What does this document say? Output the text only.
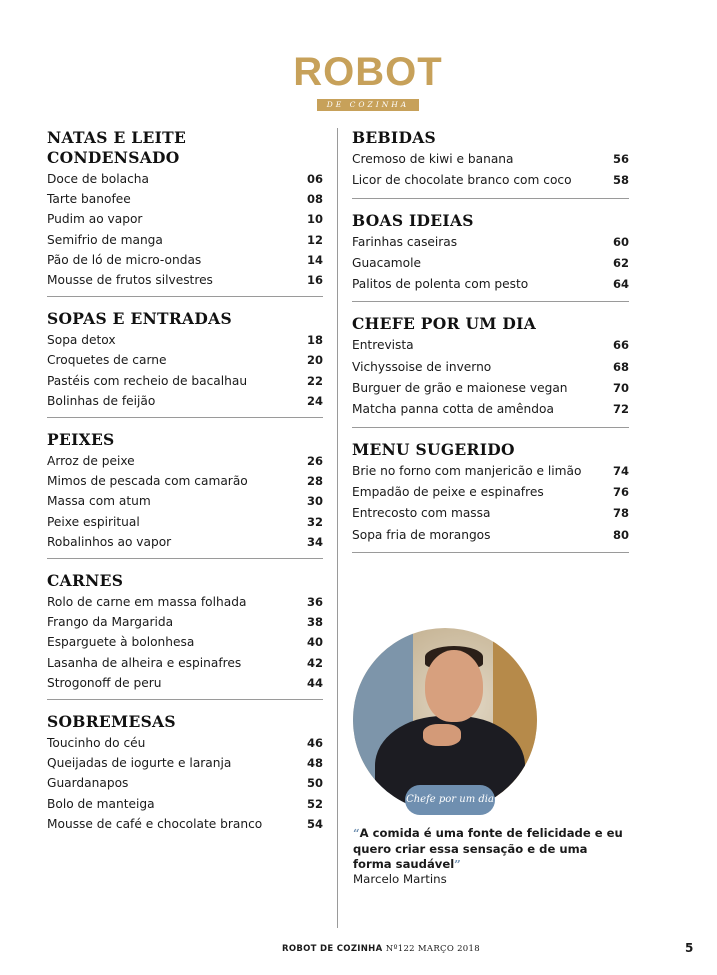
ROBOT
DE COZINHA
NATAS E LEITE CONDENSADO
Doce de bolacha	06
Tarte banofee	08
Pudim ao vapor	10
Semifrio de manga	12
Pão de ló de micro-ondas	14
Mousse de frutos silvestres	16
SOPAS E ENTRADAS
Sopa detox	18
Croquetes de carne	20
Pastéis com recheio de bacalhau	22
Bolinhas de feijão	24
PEIXES
Arroz de peixe	26
Mimos de pescada com camarão	28
Massa com atum	30
Peixe espiritual	32
Robalinhos ao vapor	34
CARNES
Rolo de carne em massa folhada	36
Frango da Margarida	38
Esparguete à bolonhesa	40
Lasanha de alheira e espinafres	42
Strogonoff de peru	44
SOBREMESAS
Toucinho do céu	46
Queijadas de iogurte e laranja	48
Guardanapos	50
Bolo de manteiga	52
Mousse de café e chocolate branco	54
BEBIDAS
Cremoso de kiwi e banana	56
Licor de chocolate branco com coco	58
BOAS IDEIAS
Farinhas caseiras	60
Guacamole	62
Palitos de polenta com pesto	64
CHEFE POR UM DIA
Entrevista	66
Vichyssoise de inverno	68
Burguer de grão e maionese vegan	70
Matcha panna cotta de amêndoa	72
MENU SUGERIDO
Brie no forno com manjericão e limão	74
Empadão de peixe e espinafres	76
Entrecosto com massa	78
Sopa fria de morangos	80
Chefe por um dia
“A comida é uma fonte de felicidade e eu quero criar essa sensação e de uma forma saudável”
Marcelo Martins
ROBOT DE COZINHA Nº122 MARÇO 2018	5
